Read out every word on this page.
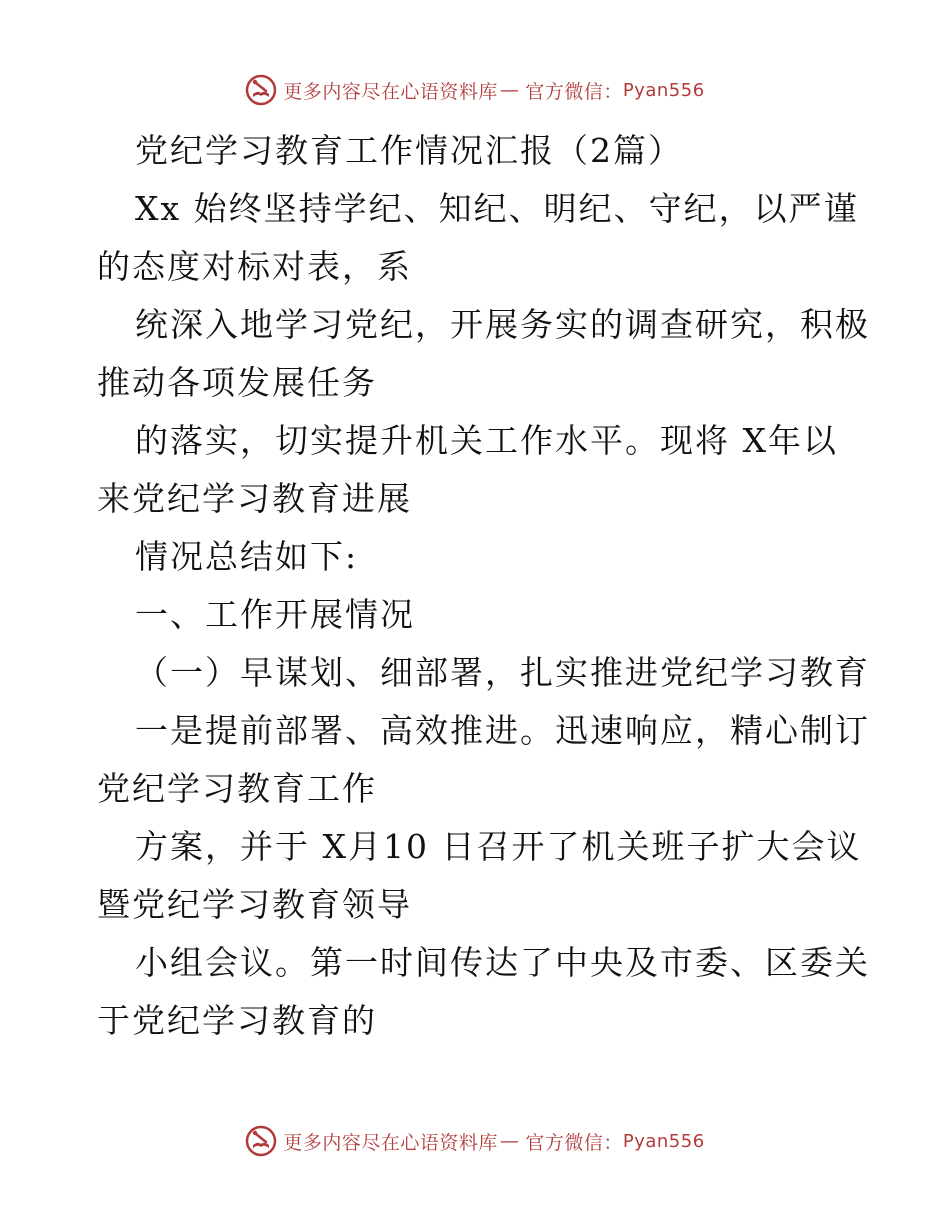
更多内容尽在心语资料库 — 官方微信： Pyan556
党纪学习教育工作情况汇报（2篇）
Xx 始终坚持学纪、知纪、明纪、守纪，以严谨
的态度对标对表，系
统深入地学习党纪，开展务实的调查研究，积极
推动各项发展任务
的落实，切实提升机关工作水平。现将 X年以
来党纪学习教育进展
情况总结如下:
一、工作开展情况
（一）早谋划、细部署，扎实推进党纪学习教育
一是提前部署、高效推进。迅速响应，精心制订
党纪学习教育工作
方案，并于 X月10 日召开了机关班子扩大会议
暨党纪学习教育领导
小组会议。第一时间传达了中央及市委、区委关
于党纪学习教育的
更多内容尽在心语资料库 — 官方微信： Pyan556
